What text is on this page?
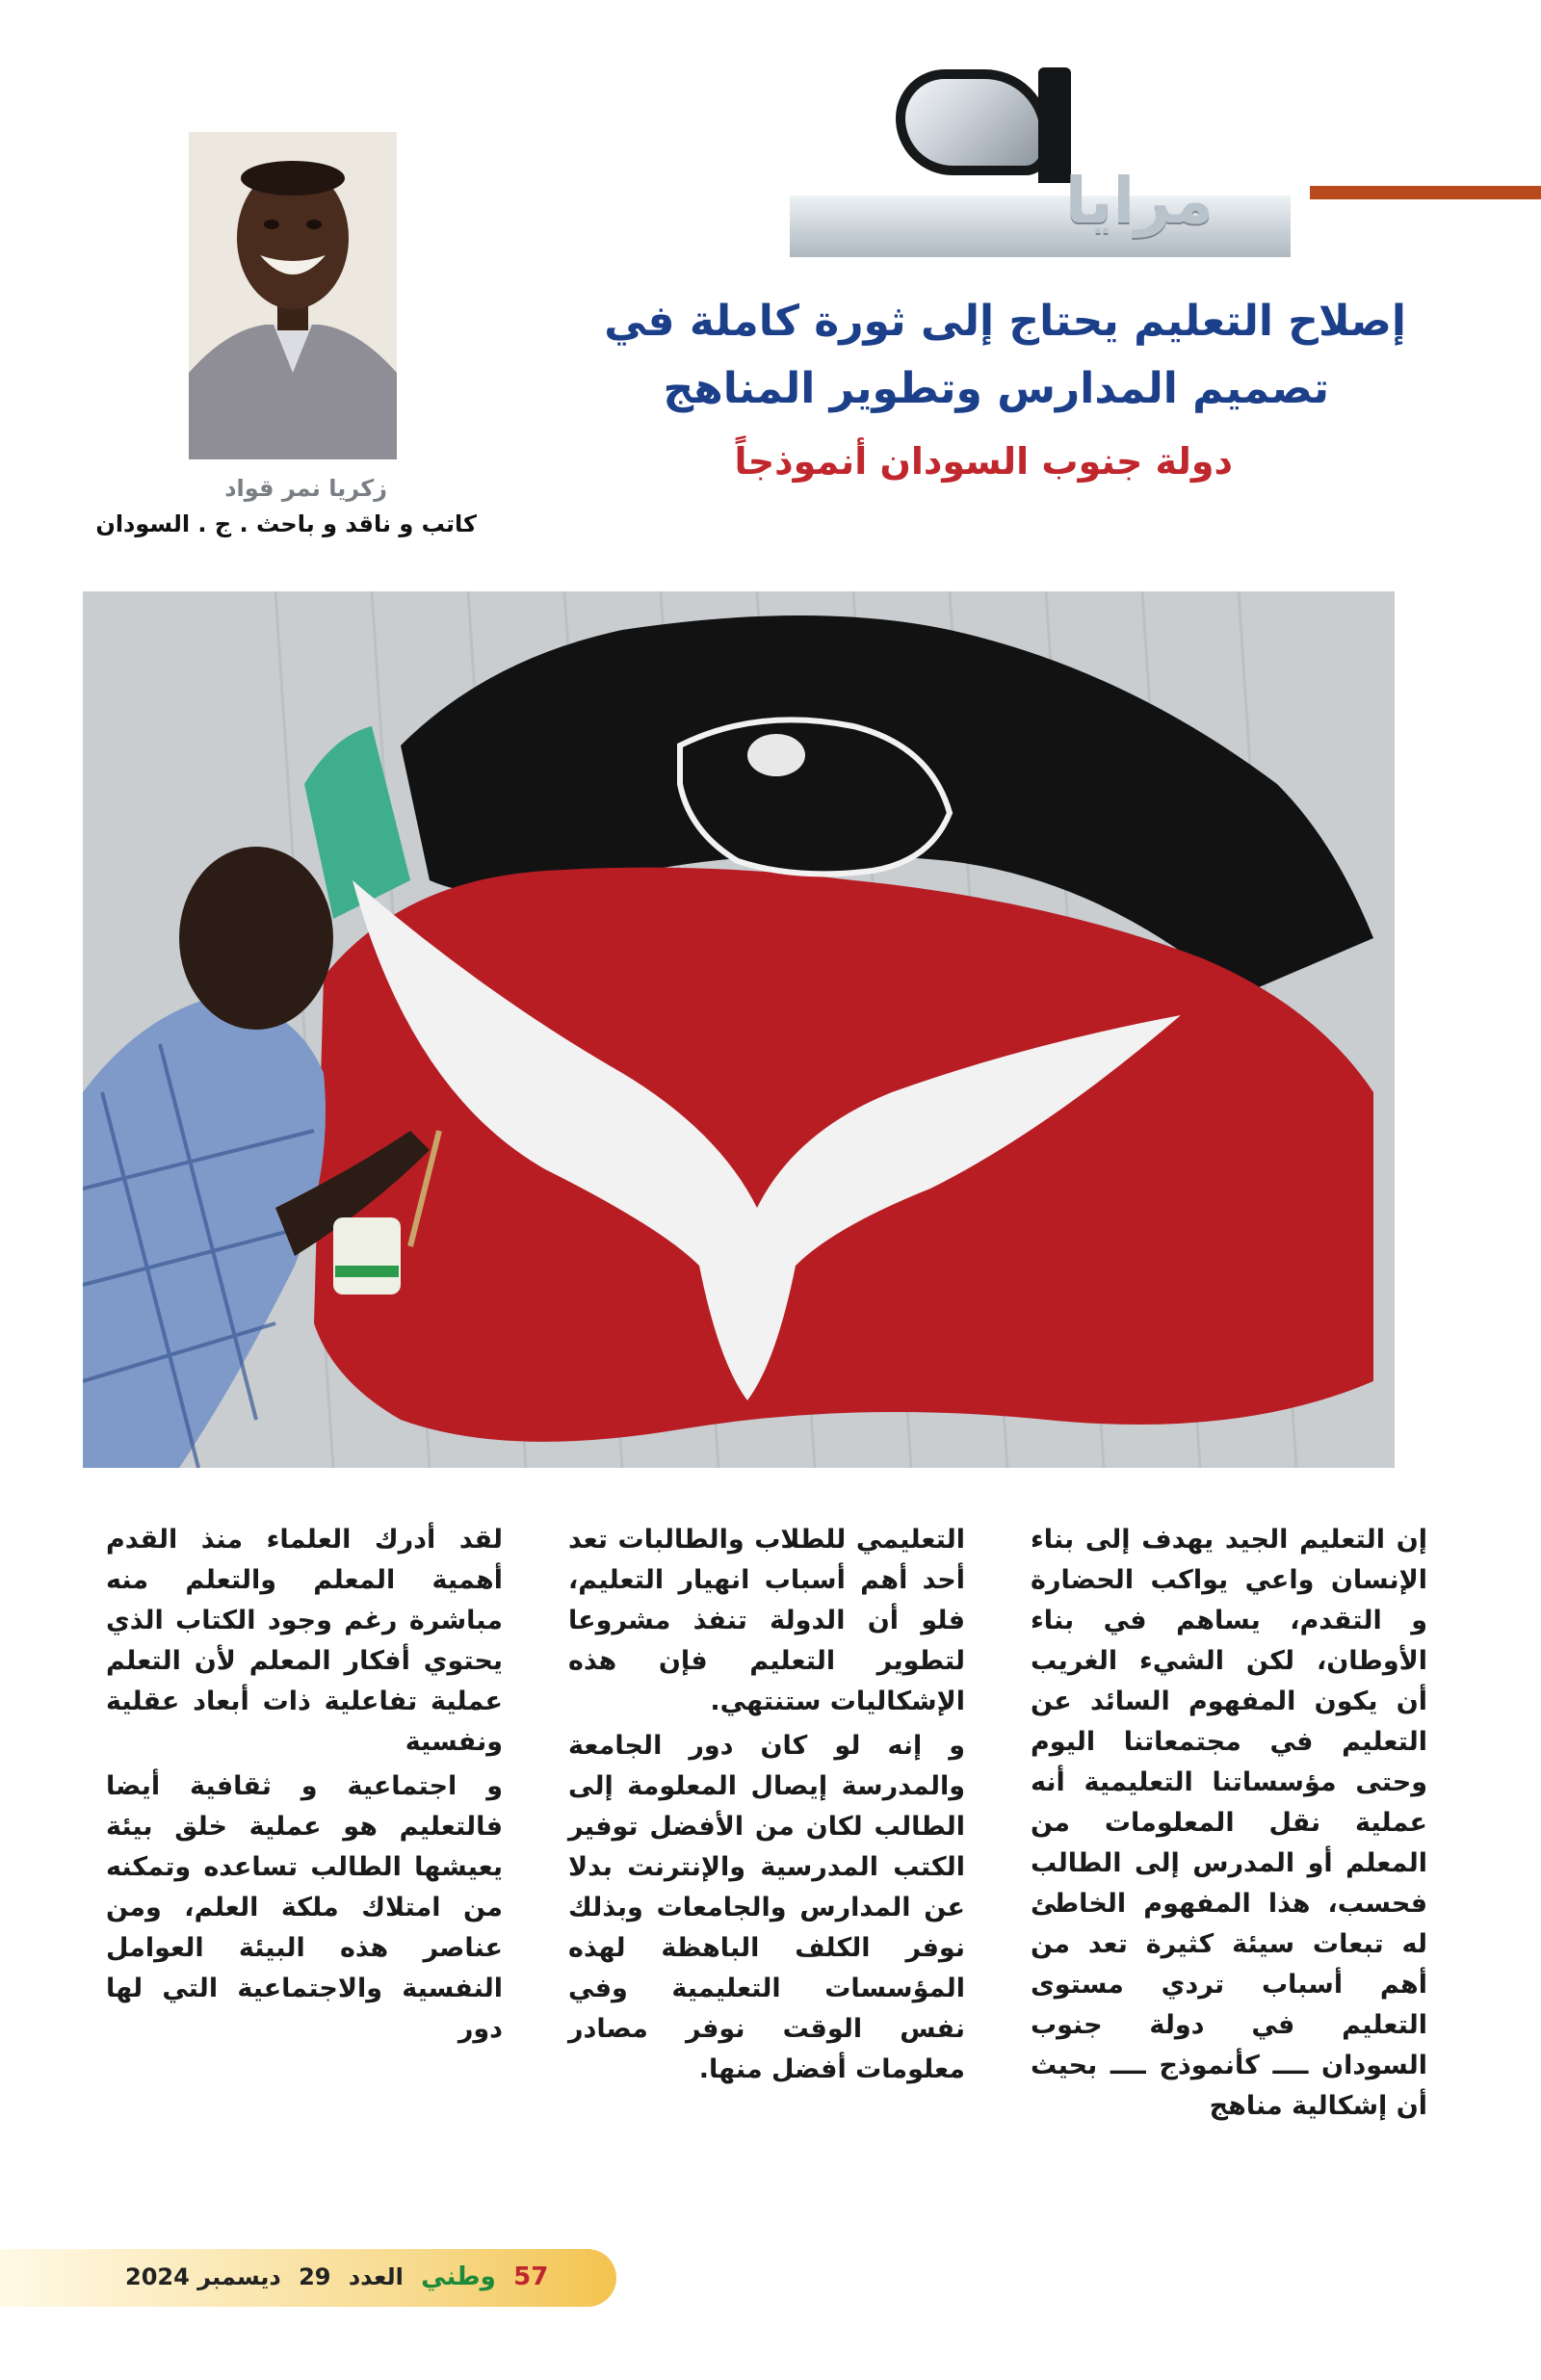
مرايا
زكريا نمر قواد
كاتب و ناقد و باحث . ج . السودان
إصلاح التعليم يحتاج إلى ثورة كاملة في
تصميم المدارس وتطوير المناهج
دولة جنوب السودان أنموذجاً

إن التعليم الجيد يهدف إلى بناء الإنسان واعي يواكب الحضارة و التقدم، يساهم في بناء الأوطان، لكن الشيء الغريب أن يكون المفهوم السائد عن التعليم في مجتمعاتنا اليوم وحتى مؤسساتنا التعليمية أنه عملية نقل المعلومات من المعلم أو المدرس إلى الطالب فحسب، هذا المفهوم الخاطئ له تبعات سيئة كثيرة تعد من أهم أسباب تردي مستوى التعليم في دولة جنوب السودان ــــ كأنموذج ــــ بحيث أن إشكالية مناهج

التعليمي للطلاب والطالبات تعد أحد أهم أسباب انهيار التعليم، فلو أن الدولة تنفذ مشروعا لتطوير التعليم فإن هذه الإشكاليات ستنتهي.

و إنه لو كان دور الجامعة والمدرسة إيصال المعلومة إلى الطالب لكان من الأفضل توفير الكتب المدرسية والإنترنت بدلا عن المدارس والجامعات وبذلك نوفر الكلف الباهظة لهذه المؤسسات التعليمية وفي نفس الوقت نوفر مصادر معلومات أفضل منها.

لقد أدرك العلماء منذ القدم أهمية المعلم والتعلم منه مباشرة رغم وجود الكتاب الذي يحتوي أفكار المعلم لأن التعلم عملية تفاعلية ذات أبعاد عقلية ونفسية

و اجتماعية و ثقافية أيضا فالتعليم هو عملية خلق بيئة يعيشها الطالب تساعده وتمكنه من امتلاك ملكة العلم، ومن عناصر هذه البيئة العوامل النفسية والاجتماعية التي لها دور

57 وطني العدد 29 ديسمبر 2024
